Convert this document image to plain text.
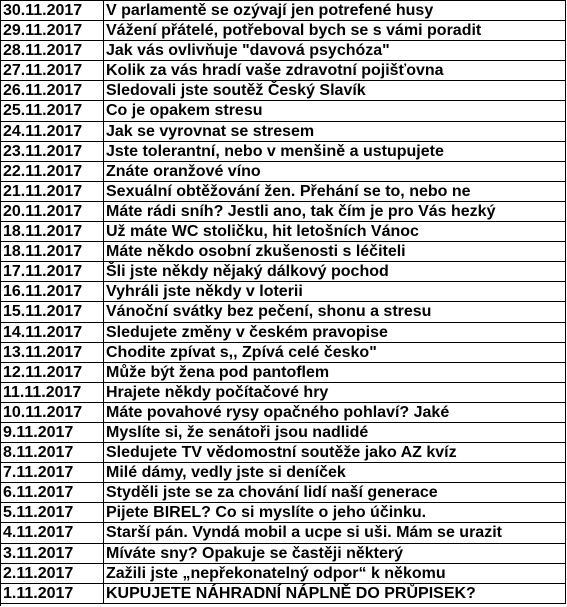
30.11.2017	V parlamentě se ozývají jen potrefené husy
29.11.2017	Vážení přátelé, potřeboval bych se s vámi poradit
28.11.2017	Jak vás ovlivňuje "davová psychóza"
27.11.2017	Kolik za vás hradí vaše zdravotní pojišťovna
26.11.2017	Sledovali jste soutěž Český Slavík
25.11.2017	Co je opakem stresu
24.11.2017	Jak se vyrovnat se stresem
23.11.2017	Jste tolerantní, nebo v menšině a ustupujete
22.11.2017	Znáte oranžové víno
21.11.2017	Sexuální obtěžování žen. Přehání se to, nebo ne
20.11.2017	Máte rádi sníh? Jestli ano, tak čím je pro Vás hezký
18.11.2017	Už máte WC stoličku, hit letošních Vánoc
18.11.2017	Máte někdo osobní zkušenosti s léčiteli
17.11.2017	Šli jste někdy nějaký dálkový pochod
16.11.2017	Vyhráli jste někdy v loterii
15.11.2017	Vánoční svátky bez pečení, shonu a stresu
14.11.2017	Sledujete změny v českém pravopise
13.11.2017	Chodite zpívat s,, Zpívá celé česko"
12.11.2017	Může být žena pod pantoflem
11.11.2017	Hrajete někdy počítačové hry
10.11.2017	Máte povahové rysy opačného pohlaví? Jaké
9.11.2017	Myslíte si, že senátoři jsou nadlidé
8.11.2017	Sledujete TV vědomostní soutěže jako AZ kvíz
7.11.2017	Milé dámy, vedly jste si deníček
6.11.2017	Styděli jste se za chování lidí naší generace
5.11.2017	Pijete BIREL? Co si myslíte o jeho účinku.
4.11.2017	Starší pán. Vyndá mobil a ucpe si uši. Mám se urazit
3.11.2017	Míváte sny? Opakuje se častěji některý
2.11.2017	Zažili jste „nepřekonatelný odpor“ k někomu
1.11.2017	KUPUJETE NÁHRADNÍ NÁPLNĚ DO PRŮPISEK?
